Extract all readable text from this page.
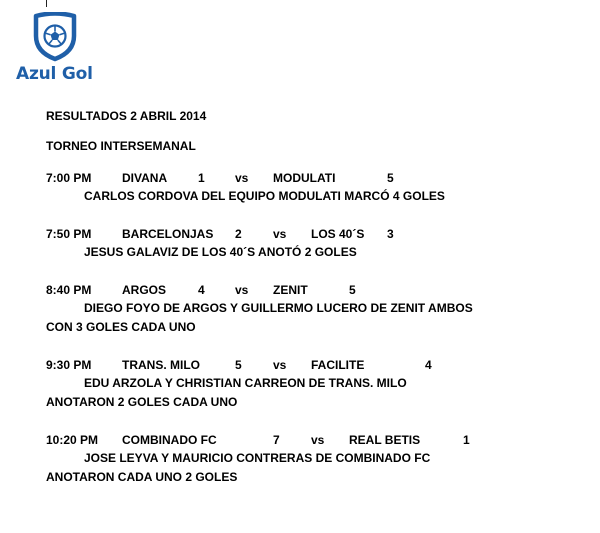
Azul Gol
RESULTADOS 2 ABRIL 2014
TORNEO INTERSEMANAL
7:00 PM	DIVANA	1	vs MODULATI	5
CARLOS CORDOVA DEL EQUIPO MODULATI MARCÓ 4 GOLES
7:50 PM	BARCELONJAS 2	vs LOS 40´S 3
JESUS GALAVIZ DE LOS 40´S ANOTÓ 2 GOLES
8:40 PM	ARGOS	4	vs ZENIT	5
DIEGO FOYO DE ARGOS Y GUILLERMO LUCERO DE ZENIT AMBOS
CON 3 GOLES CADA UNO
9:30 PM	TRANS. MILO	5	vs FACILITE	4
EDU ARZOLA Y CHRISTIAN CARREON DE TRANS. MILO
ANOTARON 2 GOLES CADA UNO
10:20 PM COMBINADO FC	7	vs REAL BETIS	1
JOSE LEYVA Y MAURICIO CONTRERAS DE COMBINADO FC
ANOTARON CADA UNO 2 GOLES
